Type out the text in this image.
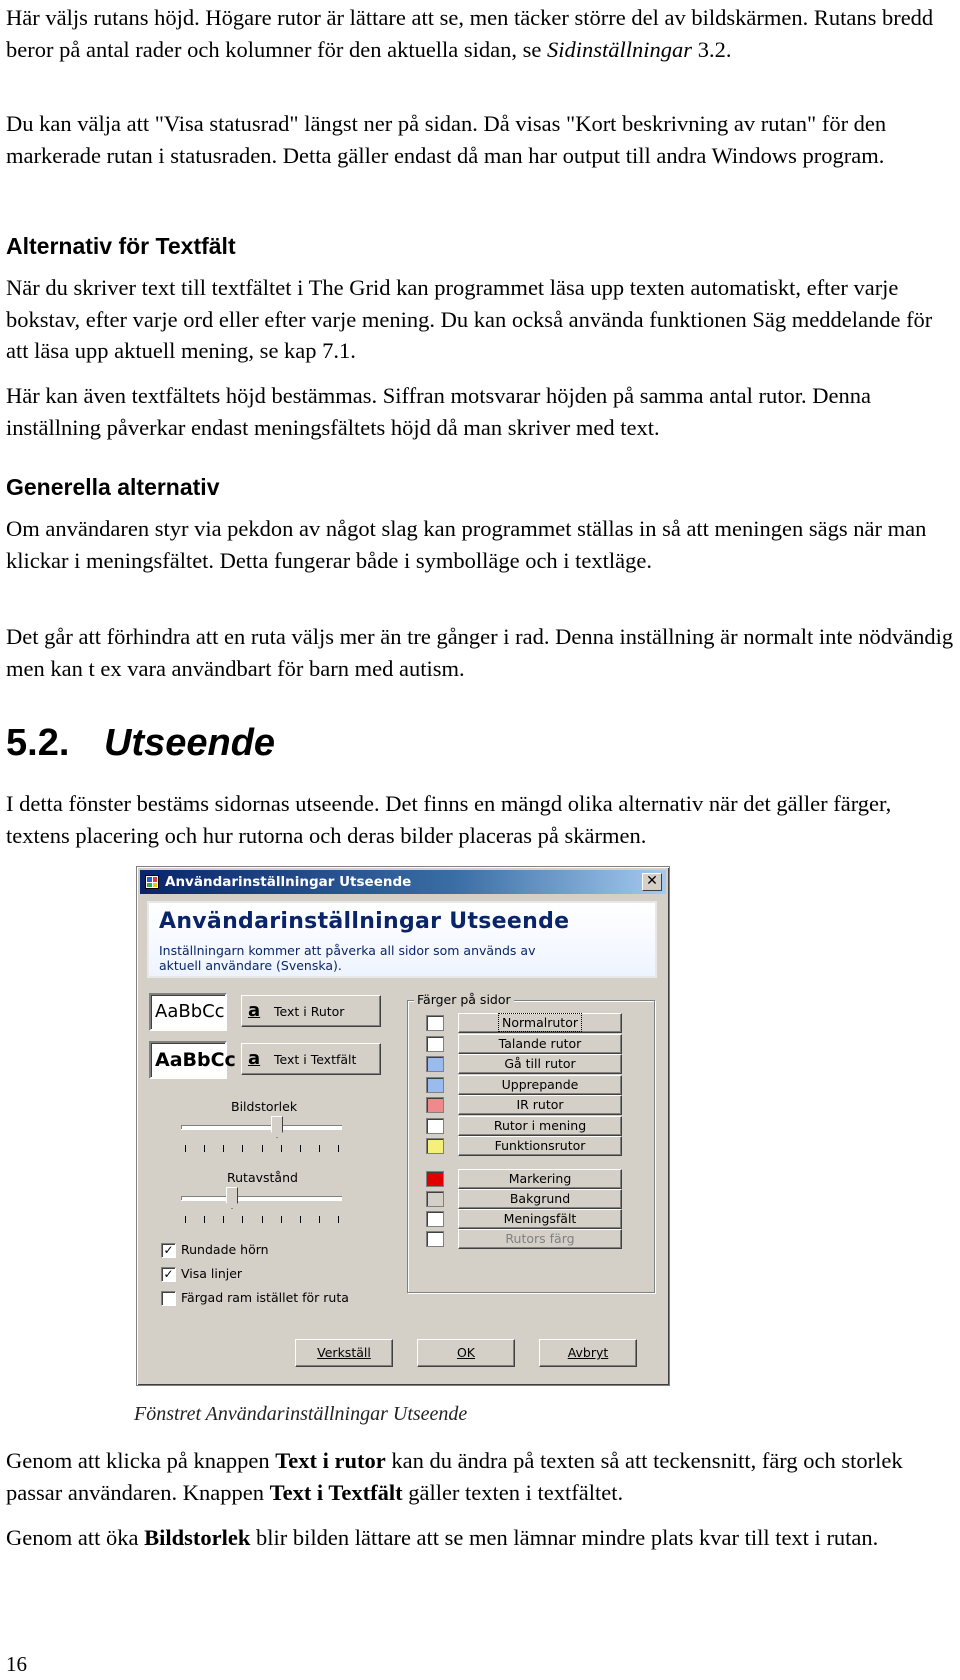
Här väljs rutans höjd. Högare rutor är lättare att se, men täcker större del av bildskärmen. Rutans bredd beror på antal rader och kolumner för den aktuella sidan, se Sidinställningar 3.2.

Du kan välja att "Visa statusrad" längst ner på sidan. Då visas "Kort beskrivning av rutan" för den markerade rutan i statusraden. Detta gäller endast då man har output till andra Windows program.

Alternativ för Textfält

När du skriver text till textfältet i The Grid kan programmet läsa upp texten automatiskt, efter varje bokstav, efter varje ord eller efter varje mening. Du kan också använda funktionen Säg meddelande för att läsa upp aktuell mening, se kap 7.1.

Här kan även textfältets höjd bestämmas. Siffran motsvarar höjden på samma antal rutor. Denna inställning påverkar endast meningsfältets höjd då man skriver med text.

Generella alternativ

Om användaren styr via pekdon av något slag kan programmet ställas in så att meningen sägs när man klickar i meningsfältet. Detta fungerar både i symbolläge och i textläge.

Det går att förhindra att en ruta väljs mer än tre gånger i rad. Denna inställning är normalt inte nödvändig men kan t ex vara användbart för barn med autism.

5.2. Utseende

I detta fönster bestäms sidornas utseende. Det finns en mängd olika alternativ när det gäller färger, textens placering och hur rutorna och deras bilder placeras på skärmen.

Användarinställningar Utseende	✕
Användarinställningar Utseende
Inställningarn kommer att påverka all sidor som används av aktuell användare (Svenska).
AaBbCc	a Text i Rutor
AaBbCc a Text i Textfält
Bildstorlek
Rutavstånd
✓
Rundade hörn
✓
Visa linjer
Färgad ram istället för ruta
Färger på sidor
Normalrutor
Talande rutor
Gå till rutor
Upprepande
IR rutor
Rutor i mening
Funktionsrutor
Markering
Bakgrund
Meningsfält
Rutors färg
Verkställ	OK	Avbryt
Fönstret Användarinställningar Utseende

Genom att klicka på knappen Text i rutor kan du ändra på texten så att teckensnitt, färg och storlek passar användaren. Knappen Text i Textfält gäller texten i textfältet.

Genom att öka Bildstorlek blir bilden lättare att se men lämnar mindre plats kvar till text i rutan.

16
